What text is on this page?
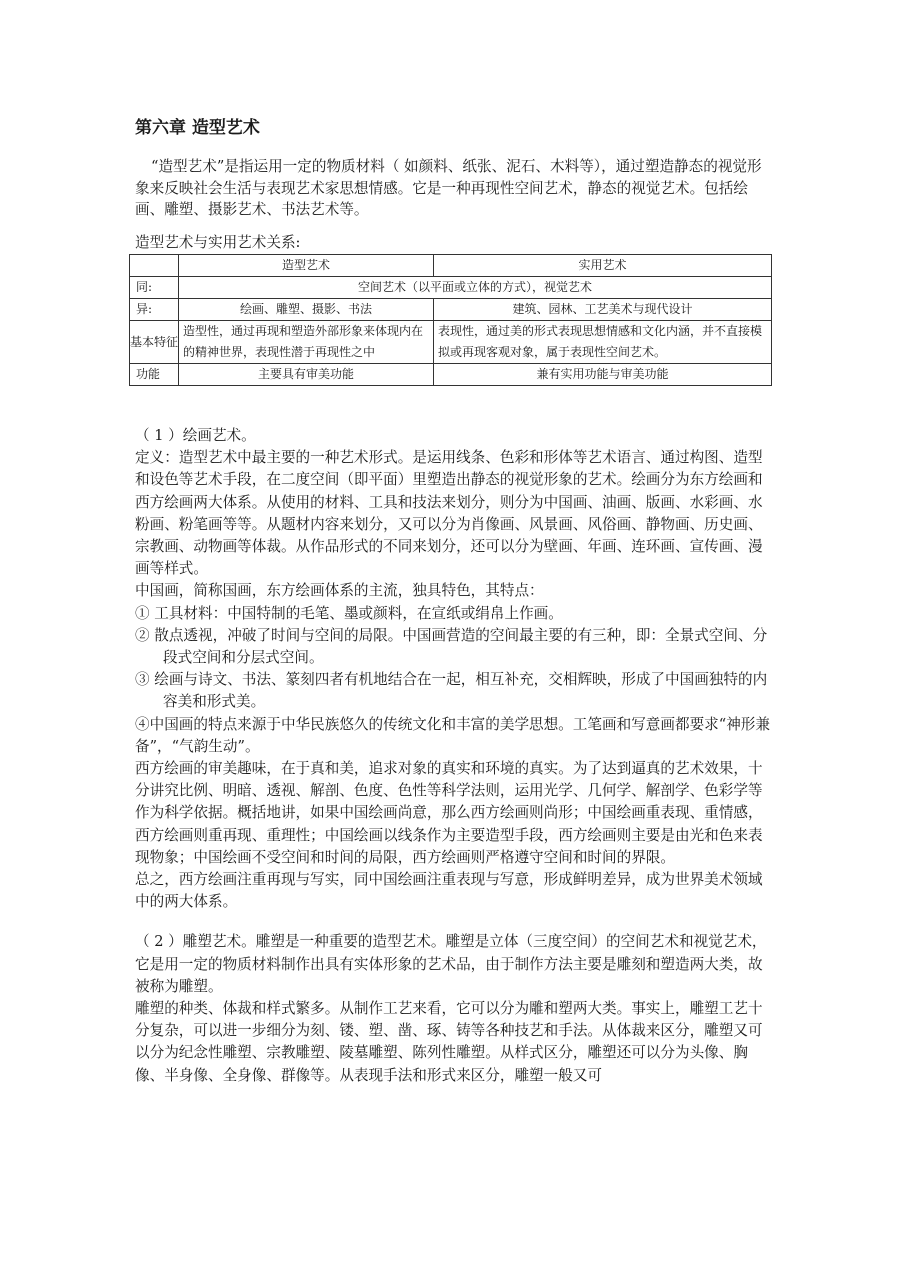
第六章 造型艺术

“造型艺术”是指运用一定的物质材料（ 如颜料、纸张、泥石、木料等），通过塑造静态的视觉形象来反映社会生活与表现艺术家思想情感。它是一种再现性空间艺术，静态的视觉艺术。包括绘画、雕塑、摄影艺术、书法艺术等。

造型艺术与实用艺术关系:

	造型艺术	实用艺术
同:	空间艺术（以平面或立体的方式），视觉艺术	
异:	绘画、雕塑、摄影、书法	建筑、园林、工艺美术与现代设计
基本特征	造型性，通过再现和塑造外部形象来体现内在的精神世界，表现性潜于再现性之中	表现性，通过美的形式表现思想情感和文化内涵，并不直接模拟或再现客观对象，属于表现性空间艺术。
功能	主要具有审美功能	兼有实用功能与审美功能

（ 1 ）绘画艺术。

定义：造型艺术中最主要的一种艺术形式。是运用线条、色彩和形体等艺术语言、通过构图、造型和设色等艺术手段，在二度空间（即平面）里塑造出静态的视觉形象的艺术。绘画分为东方绘画和西方绘画两大体系。从使用的材料、工具和技法来划分，则分为中国画、油画、版画、水彩画、水粉画、粉笔画等等。从题材内容来划分，又可以分为肖像画、风景画、风俗画、静物画、历史画、宗教画、动物画等体裁。从作品形式的不同来划分，还可以分为壁画、年画、连环画、宣传画、漫画等样式。

中国画，简称国画，东方绘画体系的主流，独具特色，其特点：

① 工具材料：中国特制的毛笔、墨或颜料，在宣纸或绢帛上作画。

② 散点透视，冲破了时间与空间的局限。中国画营造的空间最主要的有三种，即：全景式空间、分段式空间和分层式空间。

③ 绘画与诗文、书法、篆刻四者有机地结合在一起，相互补充，交相辉映，形成了中国画独特的内容美和形式美。

④中国画的特点来源于中华民族悠久的传统文化和丰富的美学思想。工笔画和写意画都要求“神形兼备”，“气韵生动”。

西方绘画的审美趣味，在于真和美，追求对象的真实和环境的真实。为了达到逼真的艺术效果，十分讲究比例、明暗、透视、解剖、色度、色性等科学法则，运用光学、几何学、解剖学、色彩学等作为科学依据。概括地讲，如果中国绘画尚意，那么西方绘画则尚形；中国绘画重表现、重情感，西方绘画则重再现、重理性；中国绘画以线条作为主要造型手段，西方绘画则主要是由光和色来表现物象；中国绘画不受空间和时间的局限，西方绘画则严格遵守空间和时间的界限。

总之，西方绘画注重再现与写实，同中国绘画注重表现与写意，形成鲜明差异，成为世界美术领域中的两大体系。

（ 2 ）雕塑艺术。雕塑是一种重要的造型艺术。雕塑是立体（三度空间）的空间艺术和视觉艺术，它是用一定的物质材料制作出具有实体形象的艺术品，由于制作方法主要是雕刻和塑造两大类，故被称为雕塑。

雕塑的种类、体裁和样式繁多。从制作工艺来看，它可以分为雕和塑两大类。事实上，雕塑工艺十分复杂，可以进一步细分为刻、镂、塑、凿、琢、铸等各种技艺和手法。从体裁来区分，雕塑又可以分为纪念性雕塑、宗教雕塑、陵墓雕塑、陈列性雕塑。从样式区分，雕塑还可以分为头像、胸像、半身像、全身像、群像等。从表现手法和形式来区分，雕塑一般又可
